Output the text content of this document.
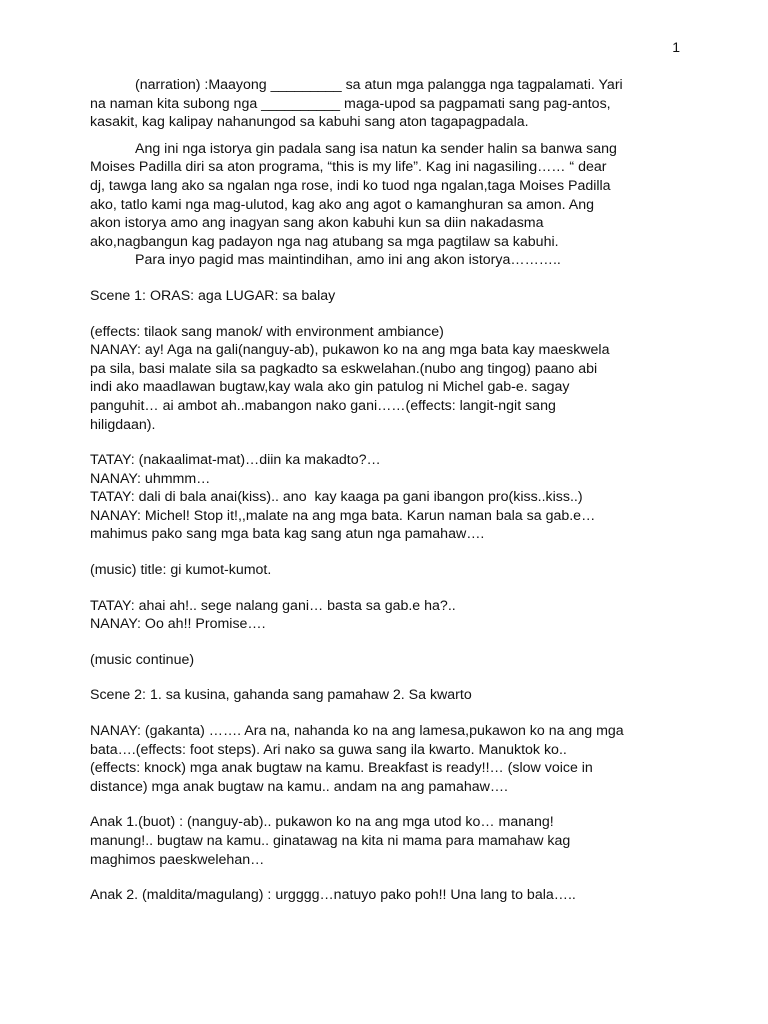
1
(narration) :Maayong _________ sa atun mga palangga nga tagpalamati. Yari
na naman kita subong nga __________ maga-upod sa pagpamati sang pag-antos,
kasakit, kag kalipay nahanungod sa kabuhi sang aton tagapagpadala.
Ang ini nga istorya gin padala sang isa natun ka sender halin sa banwa sang
Moises Padilla diri sa aton programa, “this is my life”. Kag ini nagasiling…… “ dear
dj, tawga lang ako sa ngalan nga rose, indi ko tuod nga ngalan,taga Moises Padilla
ako, tatlo kami nga mag-ulutod, kag ako ang agot o kamanghuran sa amon. Ang
akon istorya amo ang inagyan sang akon kabuhi kun sa diin nakadasma
ako,nagbangun kag padayon nga nag atubang sa mga pagtilaw sa kabuhi.
Para inyo pagid mas maintindihan, amo ini ang akon istorya………..
Scene 1: ORAS: aga LUGAR: sa balay
(effects: tilaok sang manok/ with environment ambiance)
NANAY: ay! Aga na gali(nanguy-ab), pukawon ko na ang mga bata kay maeskwela
pa sila, basi malate sila sa pagkadto sa eskwelahan.(nubo ang tingog) paano abi
indi ako maadlawan bugtaw,kay wala ako gin patulog ni Michel gab-e. sagay
panguhit… ai ambot ah..mabangon nako gani……(effects: langit-ngit sang
hiligdaan).
TATAY: (nakaalimat-mat)…diin ka makadto?…
NANAY: uhmmm…
TATAY: dali di bala anai(kiss).. ano  kay kaaga pa gani ibangon pro(kiss..kiss..)
NANAY: Michel! Stop it!,,malate na ang mga bata. Karun naman bala sa gab.e…
mahimus pako sang mga bata kag sang atun nga pamahaw….
(music) title: gi kumot-kumot.
TATAY: ahai ah!.. sege nalang gani… basta sa gab.e ha?..
NANAY: Oo ah!! Promise….
(music continue)
Scene 2: 1. sa kusina, gahanda sang pamahaw 2. Sa kwarto
NANAY: (gakanta) ……. Ara na, nahanda ko na ang lamesa,pukawon ko na ang mga
bata….(effects: foot steps). Ari nako sa guwa sang ila kwarto. Manuktok ko..
(effects: knock) mga anak bugtaw na kamu. Breakfast is ready!!… (slow voice in
distance) mga anak bugtaw na kamu.. andam na ang pamahaw….
Anak 1.(buot) : (nanguy-ab).. pukawon ko na ang mga utod ko… manang!
manung!.. bugtaw na kamu.. ginatawag na kita ni mama para mamahaw kag
maghimos paeskwelehan…
Anak 2. (maldita/magulang) : urgggg…natuyo pako poh!! Una lang to bala…..
